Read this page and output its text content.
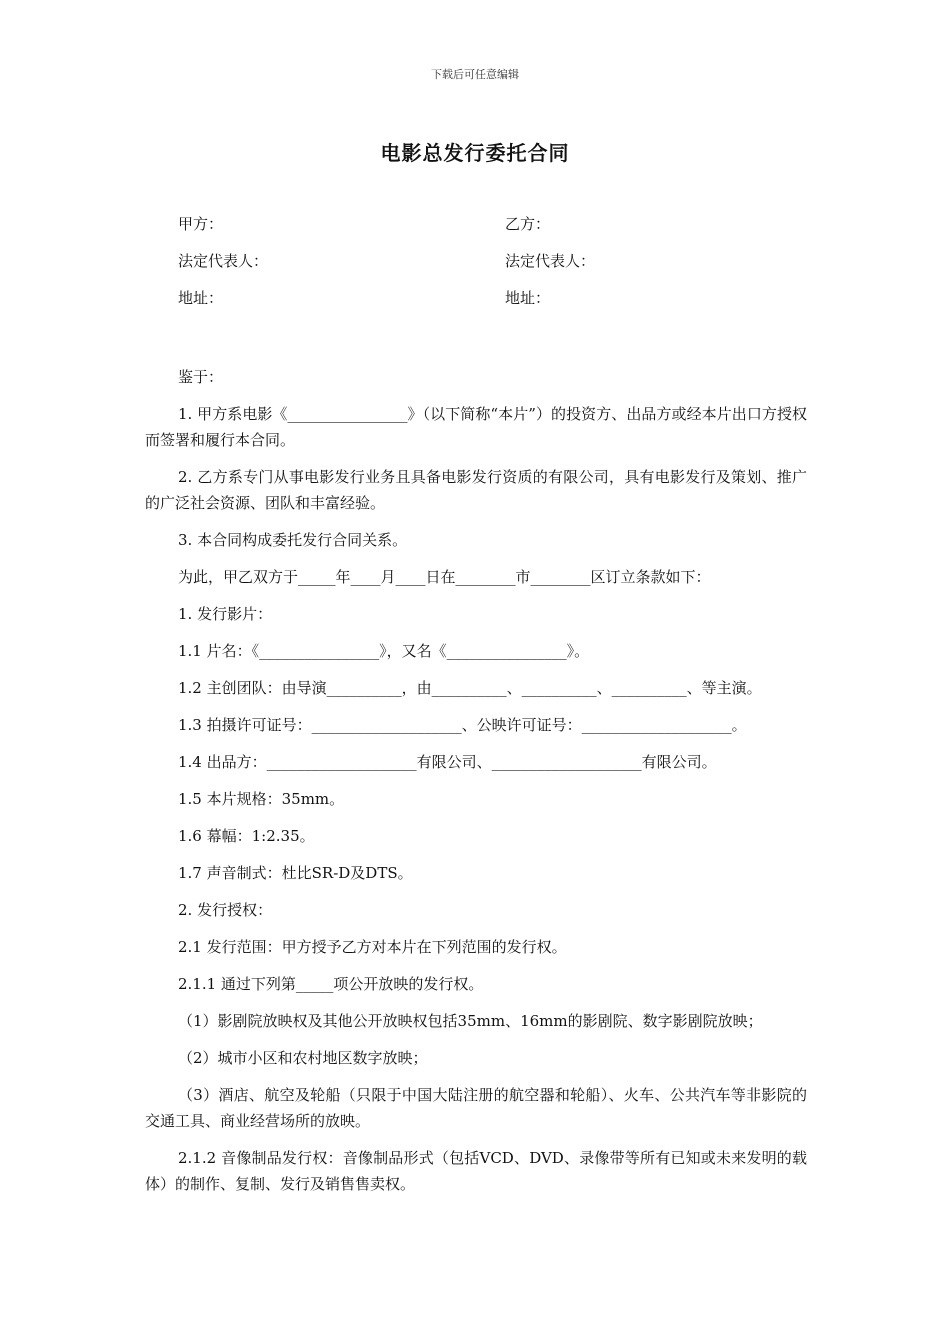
下载后可任意编辑
电影总发行委托合同
甲方：	乙方：
法定代表人：	法定代表人：
地址：	地址：

鉴于：

1. 甲方系电影《________________》（以下简称“本片”）的投资方、出品方或经本片出口方授权而签署和履行本合同。

2. 乙方系专门从事电影发行业务且具备电影发行资质的有限公司，具有电影发行及策划、推广的广泛社会资源、团队和丰富经验。

3. 本合同构成委托发行合同关系。

为此，甲乙双方于_____年____月____日在________市________区订立条款如下：

1. 发行影片：

1.1 片名：《________________》，又名《________________》。

1.2 主创团队：由导演__________，由__________、__________、__________、等主演。

1.3 拍摄许可证号：____________________、公映许可证号：____________________。

1.4 出品方：____________________有限公司、____________________有限公司。

1.5 本片规格：35mm。

1.6 幕幅：1:2.35。

1.7 声音制式：杜比SR-D及DTS。

2. 发行授权：

2.1 发行范围：甲方授予乙方对本片在下列范围的发行权。

2.1.1 通过下列第_____项公开放映的发行权。

（1）影剧院放映权及其他公开放映权包括35mm、16mm的影剧院、数字影剧院放映；

（2）城市小区和农村地区数字放映；

（3）酒店、航空及轮船（只限于中国大陆注册的航空器和轮船）、火车、公共汽车等非影院的交通工具、商业经营场所的放映。

2.1.2 音像制品发行权：音像制品形式（包括VCD、DVD、录像带等所有已知或未来发明的载体）的制作、复制、发行及销售售卖权。
